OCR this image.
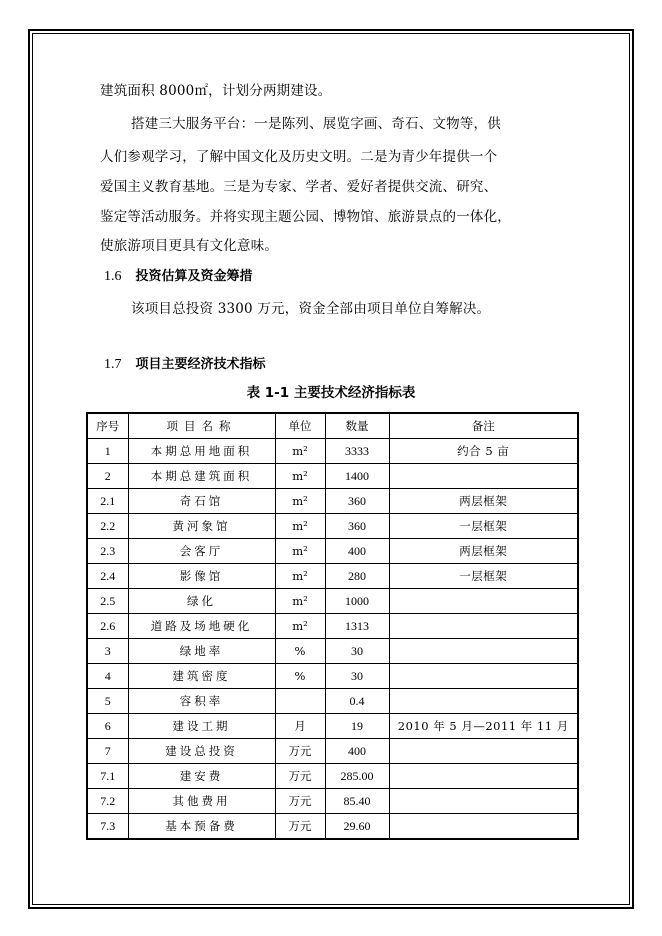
建筑面积 8000㎡，计划分两期建设。
搭建三大服务平台：一是陈列、展览字画、奇石、文物等，供
人们参观学习，了解中国文化及历史文明。二是为青少年提供一个
爱国主义教育基地。三是为专家、学者、爱好者提供交流、研究、
鉴定等活动服务。并将实现主题公园、博物馆、旅游景点的一体化，
使旅游项目更具有文化意味。
1.6 投资估算及资金筹措
该项目总投资 3300 万元，资金全部由项目单位自筹解决。
1.7 项目主要经济技术指标
表 1-1 主要技术经济指标表
序号	项目名称	单位	数量	备注
1	本期总用地面积	m²	3333	约合 5 亩
2	本期总建筑面积	m²	1400	
2.1	奇石馆	m²	360	两层框架
2.2	黄河象馆	m²	360	一层框架
2.3	会客厅	m²	400	两层框架
2.4	影像馆	m²	280	一层框架
2.5	绿化	m²	1000	
2.6	道路及场地硬化	m²	1313	
3	绿地率	%	30	
4	建筑密度	%	30	
5	容积率		0.4	
6	建设工期	月	19	2010 年 5 月—2011 年 11 月
7	建设总投资	万元	400	
7.1	建安费	万元	285.00	
7.2	其他费用	万元	85.40	
7.3	基本预备费	万元	29.60	
